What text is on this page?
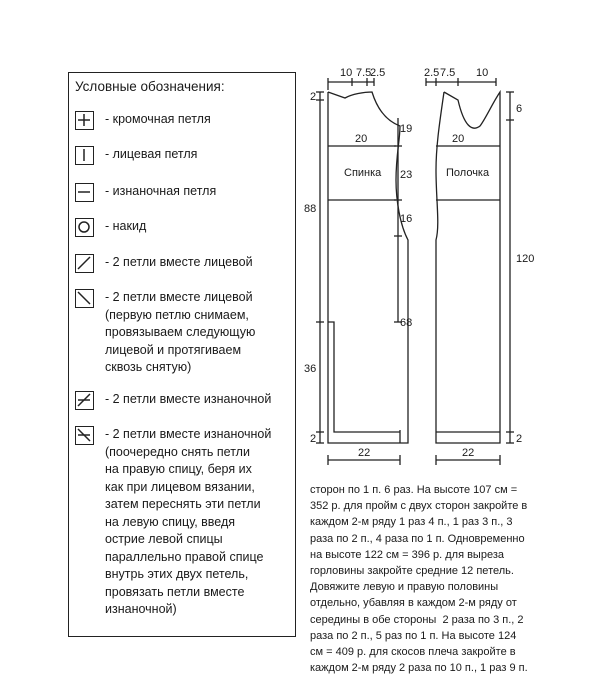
Условные обозначения:
- кромочная петля
- лицевая петля
- изнаночная петля
- накид
- 2 петли вместе лицевой
- 2 петли вместе лицевой
(первую петлю снимаем,
провязываем следующую
лицевой и протягиваем
сквозь снятую)
- 2 петли вместе изнаночной
- 2 петли вместе изнаночной
(поочередно снять петли
на правую спицу, беря их
как при лицевом вязании,
затем переснять эти петли
на левую спицу, введя
острие левой спицы
параллельно правой спице
внутрь этих двух петель,
провязать петли вместе
изнаночной)
10 7.5
2.5	2.5 7.5 10
20	20
Спинка	Полочка
2
88
36
2
19
23
16
68
6
120
2
22	22
сторон по 1 п. 6 раз. На высоте 107 см =
352 р. для пройм с двух сторон закройте в
каждом 2-м ряду 1 раз 4 п., 1 раз 3 п., 3
раза по 2 п., 4 раза по 1 п. Одновременно
на высоте 122 см = 396 р. для выреза
горловины закройте средние 12 петель.
Довяжите левую и правую половины
отдельно, убавляя в каждом 2-м ряду от
середины в обе стороны  2 раза по 3 п., 2
раза по 2 п., 5 раз по 1 п. На высоте 124
см = 409 р. для скосов плеча закройте в
каждом 2-м ряду 2 раза по 10 п., 1 раз 9 п.
